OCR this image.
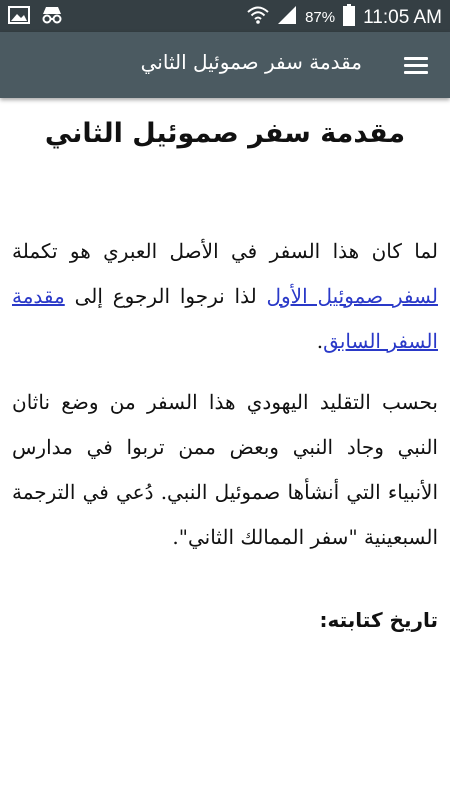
87% 11:05 AM
مقدمة سفر صموئيل الثاني
مقدمة سفر صموئيل الثاني

لما كان هذا السفر في الأصل العبري هو تكملة لسفر صموئيل الأول لذا نرجوا الرجوع إلى مقدمة السفر السابق.

بحسب التقليد اليهودي هذا السفر من وضع ناثان النبي وجاد النبي وبعض ممن تربوا في مدارس الأنبياء التي أنشأها صموئيل النبي. دُعي في الترجمة السبعينية "سفر الممالك الثاني".

تاريخ كتابته:
